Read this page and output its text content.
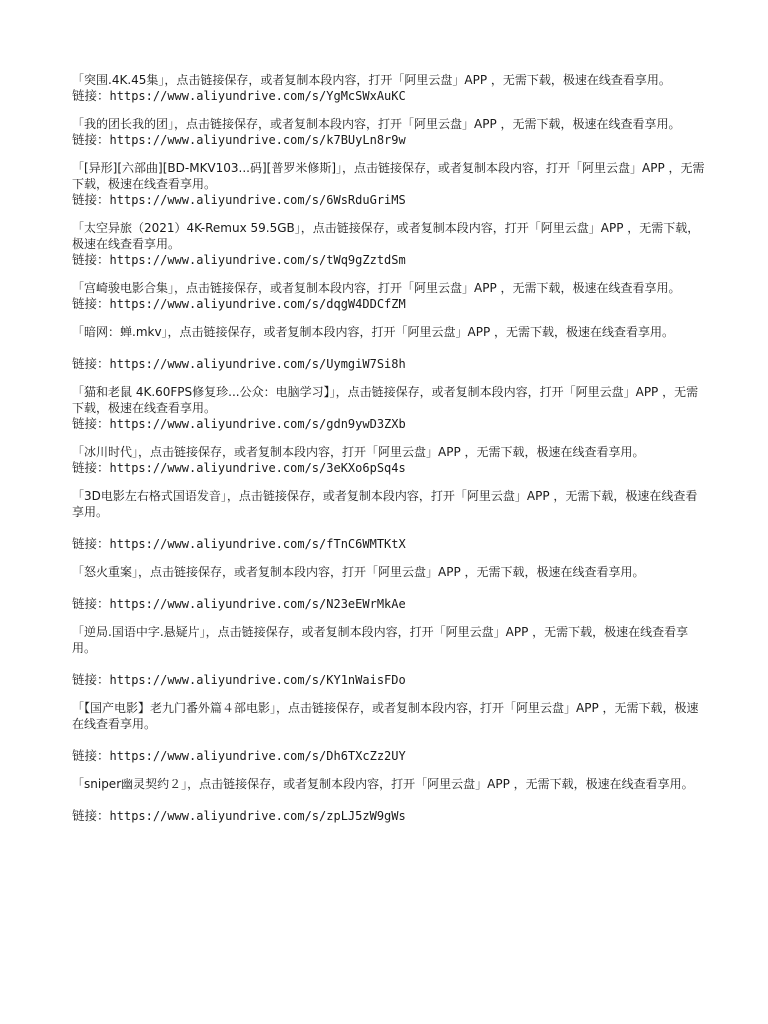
「突围.4K.45集」，点击链接保存，或者复制本段内容，打开「阿里云盘」APP ，无需下载，极速在线查看享用。

链接：https://www.aliyundrive.com/s/YgMcSWxAuKC

「我的团长我的团」，点击链接保存，或者复制本段内容，打开「阿里云盘」APP ，无需下载，极速在线查看享用。

链接：https://www.aliyundrive.com/s/k7BUyLn8r9w

「[异形][六部曲][BD-MKV103...码][普罗米修斯]」，点击链接保存，或者复制本段内容，打开「阿里云盘」APP ，无需下载，极速在线查看享用。

链接：https://www.aliyundrive.com/s/6WsRduGriMS

「太空异旅（2021）4K-Remux 59.5GB」，点击链接保存，或者复制本段内容，打开「阿里云盘」APP ，无需下载，极速在线查看享用。

链接：https://www.aliyundrive.com/s/tWq9gZztdSm

「宫崎骏电影合集」，点击链接保存，或者复制本段内容，打开「阿里云盘」APP ，无需下载，极速在线查看享用。

链接：https://www.aliyundrive.com/s/dqgW4DDCfZM

「暗网：蝉.mkv」，点击链接保存，或者复制本段内容，打开「阿里云盘」APP ，无需下载，极速在线查看享用。

链接：https://www.aliyundrive.com/s/UymgiW7Si8h

「猫和老鼠 4K.60FPS修复珍...公众：电脑学习】」，点击链接保存，或者复制本段内容，打开「阿里云盘」APP ，无需下载，极速在线查看享用。

链接：https://www.aliyundrive.com/s/gdn9ywD3ZXb

「冰川时代」，点击链接保存，或者复制本段内容，打开「阿里云盘」APP ，无需下载，极速在线查看享用。

链接：https://www.aliyundrive.com/s/3eKXo6pSq4s

「3D电影左右格式国语发音」，点击链接保存，或者复制本段内容，打开「阿里云盘」APP ，无需下载，极速在线查看享用。

链接：https://www.aliyundrive.com/s/fTnC6WMTKtX

「怒火重案」，点击链接保存，或者复制本段内容，打开「阿里云盘」APP ，无需下载，极速在线查看享用。

链接：https://www.aliyundrive.com/s/N23eEWrMkAe

「逆局.国语中字.悬疑片」，点击链接保存，或者复制本段内容，打开「阿里云盘」APP ，无需下载，极速在线查看享用。

链接：https://www.aliyundrive.com/s/KY1nWaisFDo

「【国产电影】老九门番外篇４部电影」，点击链接保存，或者复制本段内容，打开「阿里云盘」APP ，无需下载，极速在线查看享用。

链接：https://www.aliyundrive.com/s/Dh6TXcZz2UY

「sniper幽灵契约２」，点击链接保存，或者复制本段内容，打开「阿里云盘」APP ，无需下载，极速在线查看享用。

链接：https://www.aliyundrive.com/s/zpLJ5zW9gWs
